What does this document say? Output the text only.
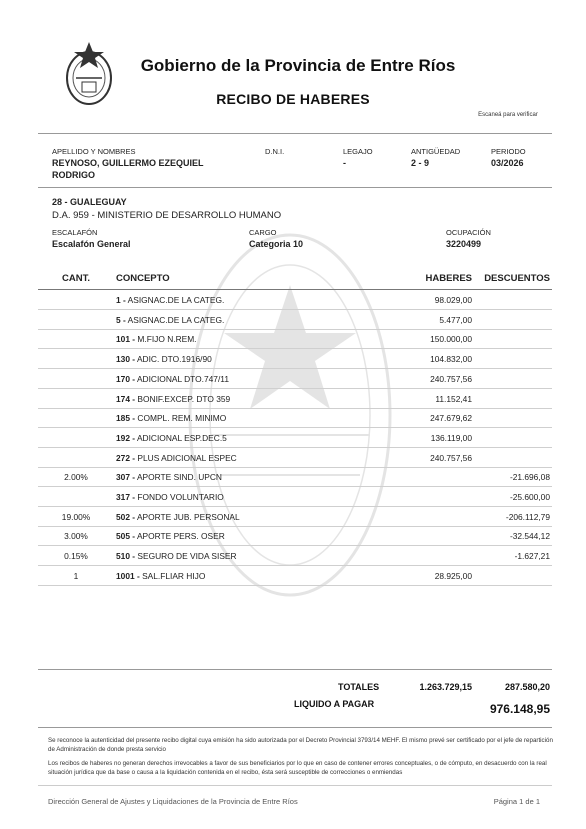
Gobierno de la Provincia de Entre Ríos
RECIBO DE HABERES
Escaneá para verificar
APELLIDO Y NOMBRES
REYNOSO, GUILLERMO EZEQUIEL
RODRIGO
D.N.I.	LEGAJO
-
ANTIGÜEDAD
2 - 9
PERIODO
03/2026
28 - GUALEGUAY
D.A. 959 - MINISTERIO DE DESARROLLO HUMANO
ESCALAFÓN
Escalafón General
CARGO
Categoria 10
OCUPACIÓN
3220499
CANT.	CONCEPTO	HABERES	DESCUENTOS
1 - ASIGNAC.DE LA CATEG.	98.029,00
5 - ASIGNAC.DE LA CATEG.	5.477,00
101 - M.FIJO N.REM.	150.000,00
130 - ADIC. DTO.1916/90	104.832,00
170 - ADICIONAL DTO.747/11	240.757,56
174 - BONIF.EXCEP. DTO 359	11.152,41
185 - COMPL. REM. MINIMO	247.679,62
192 - ADICIONAL ESP.DEC.5	136.119,00
272 - PLUS ADICIONAL ESPEC	240.757,56
2.00%	307 - APORTE SIND. UPCN	-21.696,08
317 - FONDO VOLUNTARIO	-25.600,00
19.00%	502 - APORTE JUB. PERSONAL	-206.112,79
3.00%	505 - APORTE PERS. OSER	-32.544,12
0.15%	510 - SEGURO DE VIDA SISER	-1.627,21
1	1001 - SAL.FLIAR HIJO	28.925,00
TOTALES	1.263.729,15	287.580,20
LIQUIDO A PAGAR	976.148,95
Se reconoce la autenticidad del presente recibo digital cuya emisión ha sido autorizada por el Decreto Provincial 3793/14 MEHF. El mismo prevé ser certificado por el jefe de repartición de Administración de donde presta servicio
Los recibos de haberes no generan derechos irrevocables a favor de sus beneficiarios por lo que en caso de contener errores conceptuales, o de cómputo, en desacuerdo con la real situación jurídica que da base o causa a la liquidación contenida en el recibo, ésta será susceptible de correcciones o enmiendas
Dirección General de Ajustes y Liquidaciones de la Provincia de Entre Ríos	Página 1 de 1
